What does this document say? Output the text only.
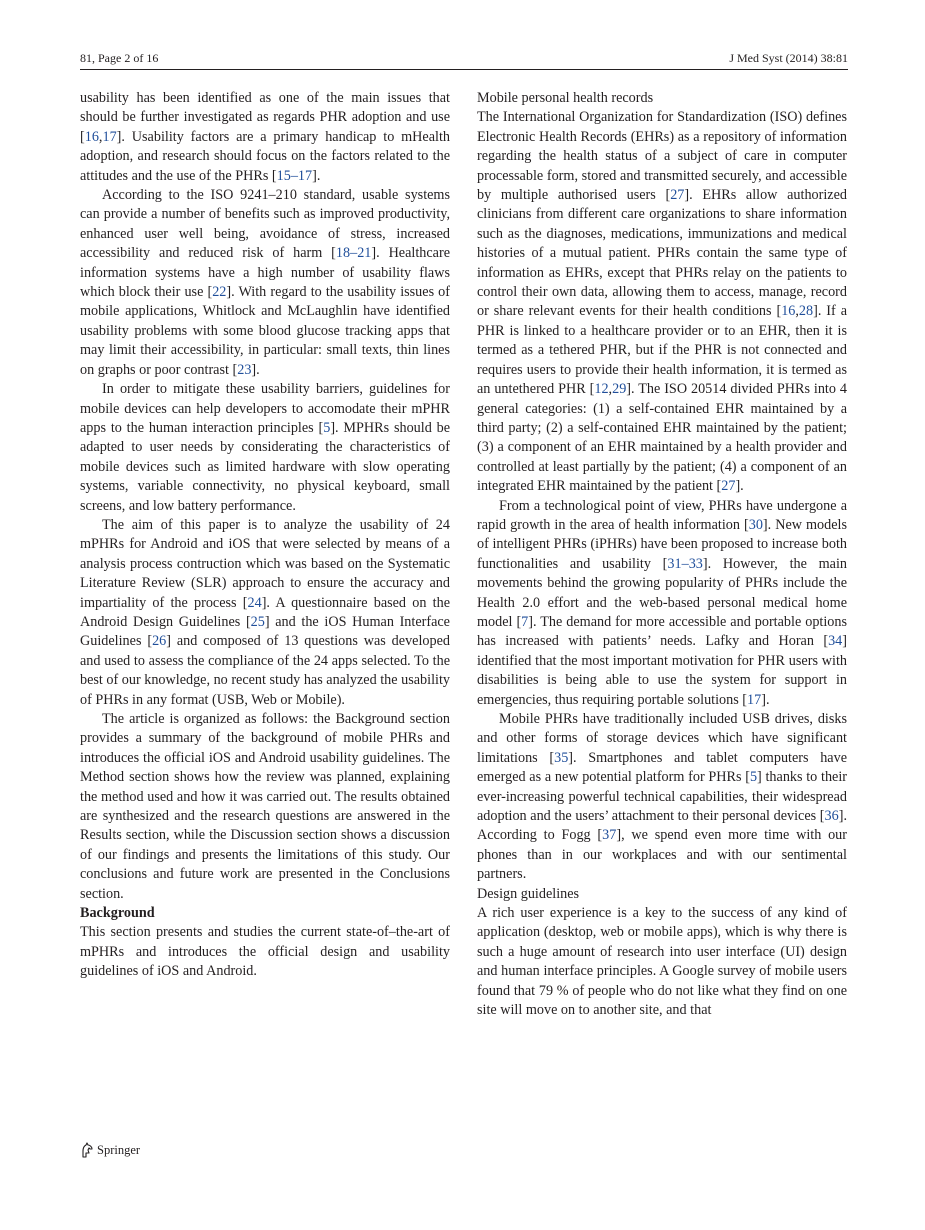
81, Page 2 of 16	J Med Syst (2014) 38:81

usability has been identified as one of the main issues that should be further investigated as regards PHR adoption and use [16,17]. Usability factors are a primary handicap to mHealth adoption, and research should focus on the factors related to the attitudes and the use of the PHRs [15–17].

According to the ISO 9241–210 standard, usable systems can provide a number of benefits such as improved productivity, enhanced user well being, avoidance of stress, increased accessibility and reduced risk of harm [18–21]. Healthcare information systems have a high number of usability flaws which block their use [22]. With regard to the usability issues of mobile applications, Whitlock and McLaughlin have identified usability problems with some blood glucose tracking apps that may limit their accessibility, in particular: small texts, thin lines on graphs or poor contrast [23].

In order to mitigate these usability barriers, guidelines for mobile devices can help developers to accomodate their mPHR apps to the human interaction principles [5]. MPHRs should be adapted to user needs by considerating the characteristics of mobile devices such as limited hardware with slow operating systems, variable connectivity, no physical keyboard, small screens, and low battery performance.

The aim of this paper is to analyze the usability of 24 mPHRs for Android and iOS that were selected by means of a analysis process contruction which was based on the Systematic Literature Review (SLR) approach to ensure the accuracy and impartiality of the process [24]. A questionnaire based on the Android Design Guidelines [25] and the iOS Human Interface Guidelines [26] and composed of 13 questions was developed and used to assess the compliance of the 24 apps selected. To the best of our knowledge, no recent study has analyzed the usability of PHRs in any format (USB, Web or Mobile).

The article is organized as follows: the Background section provides a summary of the background of mobile PHRs and introduces the official iOS and Android usability guidelines. The Method section shows how the review was planned, explaining the method used and how it was carried out. The results obtained are synthesized and the research questions are answered in the Results section, while the Discussion section shows a discussion of our findings and presents the limitations of this study. Our conclusions and future work are presented in the Conclusions section.

Background

This section presents and studies the current state-of–the-art of mPHRs and introduces the official design and usability guidelines of iOS and Android.

Mobile personal health records

The International Organization for Standardization (ISO) defines Electronic Health Records (EHRs) as a repository of information regarding the health status of a subject of care in computer processable form, stored and transmitted securely, and accessible by multiple authorised users [27]. EHRs allow authorized clinicians from different care organizations to share information such as the diagnoses, medications, immunizations and medical histories of a mutual patient. PHRs contain the same type of information as EHRs, except that PHRs relay on the patients to control their own data, allowing them to access, manage, record or share relevant events for their health conditions [16,28]. If a PHR is linked to a healthcare provider or to an EHR, then it is termed as a tethered PHR, but if the PHR is not connected and requires users to provide their health information, it is termed as an untethered PHR [12,29]. The ISO 20514 divided PHRs into 4 general categories: (1) a self-contained EHR maintained by a third party; (2) a self-contained EHR maintained by the patient; (3) a component of an EHR maintained by a health provider and controlled at least partially by the patient; (4) a component of an integrated EHR maintained by the patient [27].

From a technological point of view, PHRs have undergone a rapid growth in the area of health information [30]. New models of intelligent PHRs (iPHRs) have been proposed to increase both functionalities and usability [31–33]. However, the main movements behind the growing popularity of PHRs include the Health 2.0 effort and the web-based personal medical home model [7]. The demand for more accessible and portable options has increased with patients’ needs. Lafky and Horan [34] identified that the most important motivation for PHR users with disabilities is being able to use the system for support in emergencies, thus requiring portable solutions [17].

Mobile PHRs have traditionally included USB drives, disks and other forms of storage devices which have significant limitations [35]. Smartphones and tablet computers have emerged as a new potential platform for PHRs [5] thanks to their ever-increasing powerful technical capabilities, their widespread adoption and the users’ attachment to their personal devices [36]. According to Fogg [37], we spend even more time with our phones than in our workplaces and with our sentimental partners.

Design guidelines

A rich user experience is a key to the success of any kind of application (desktop, web or mobile apps), which is why there is such a huge amount of research into user interface (UI) design and human interface principles. A Google survey of mobile users found that 79 % of people who do not like what they find on one site will move on to another site, and that

Springer
